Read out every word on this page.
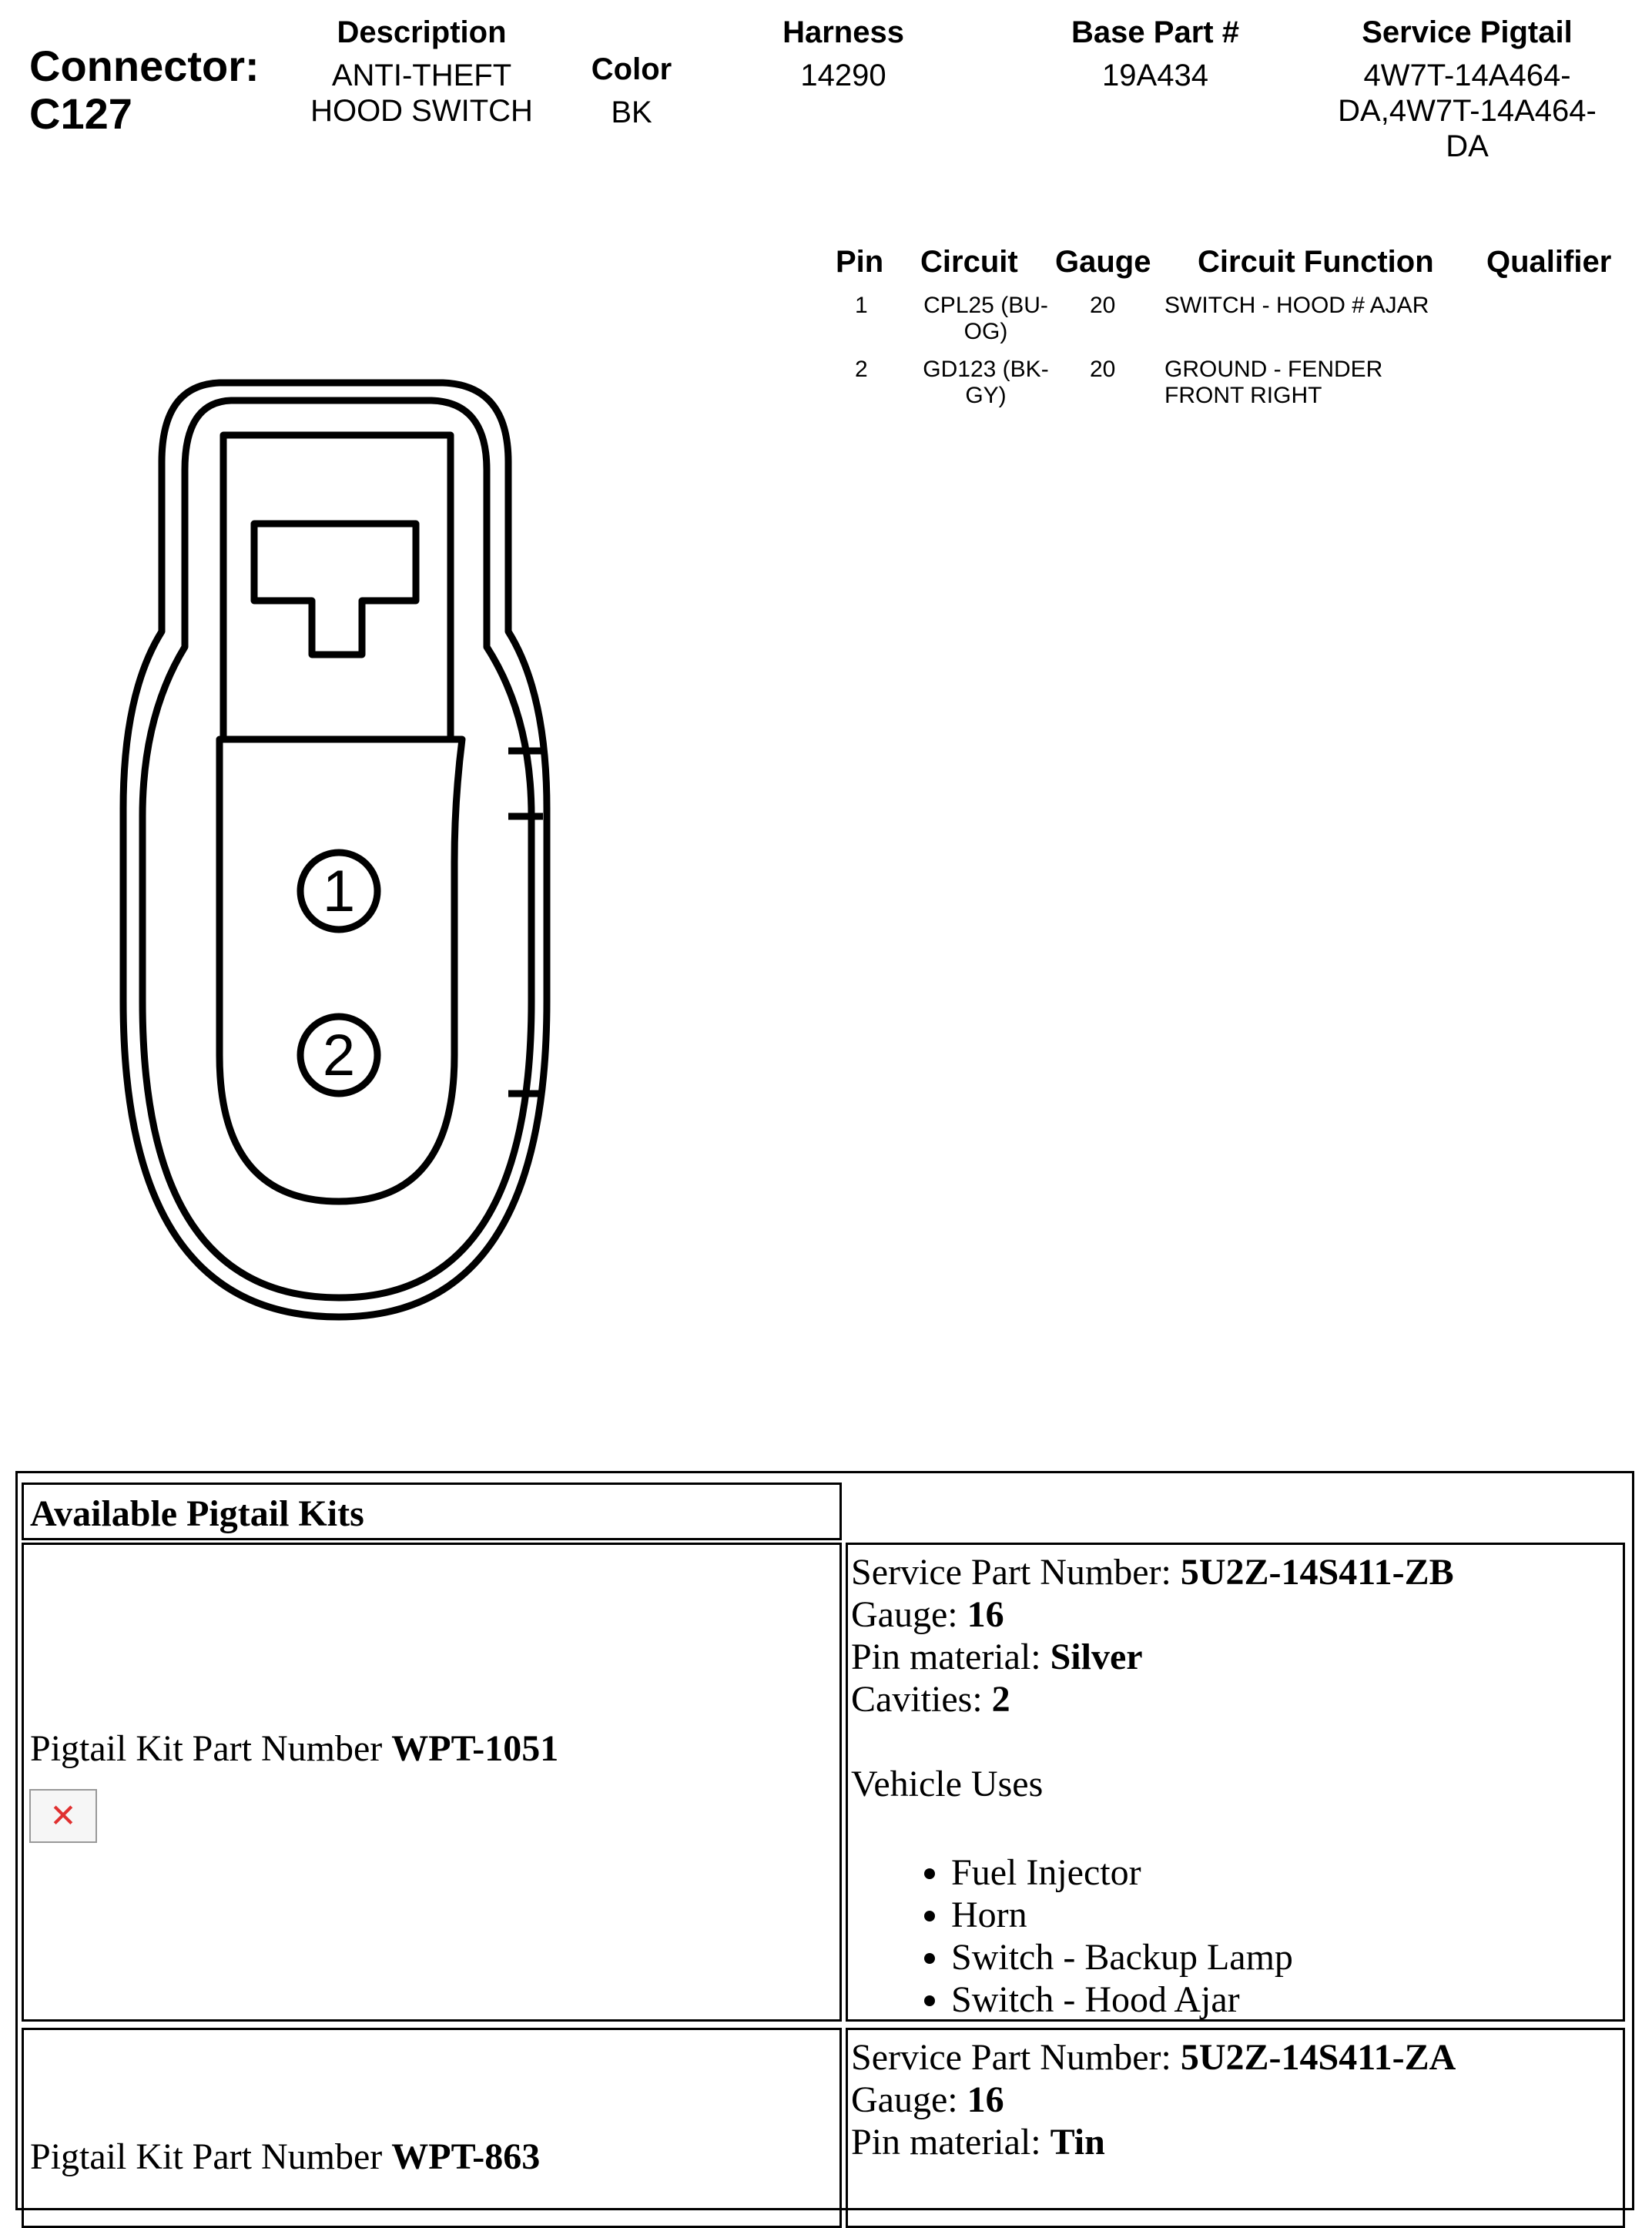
Connector:
C127
Description
ANTI-THEFT
HOOD SWITCH
Color
BK
Harness
14290
Base Part #
19A434
Service Pigtail
4W7T-14A464-
DA,4W7T-14A464-
DA
Pin Circuit Gauge Circuit Function Qualifier
1	CPL25 (BU-
OG)
20 SWITCH - HOOD # AJAR
2	GD123 (BK-
GY)
20 GROUND - FENDER
FRONT RIGHT
1
2
Available Pigtail Kits
Pigtail Kit Part Number WPT-1051
✕
Service Part Number: 5U2Z-14S411-ZB
Gauge: 16
Pin material: Silver
Cavities: 2
Vehicle Uses
• Fuel Injector
• Horn
• Switch - Backup Lamp
• Switch - Hood Ajar
Pigtail Kit Part Number WPT-863
Service Part Number: 5U2Z-14S411-ZA
Gauge: 16
Pin material: Tin
